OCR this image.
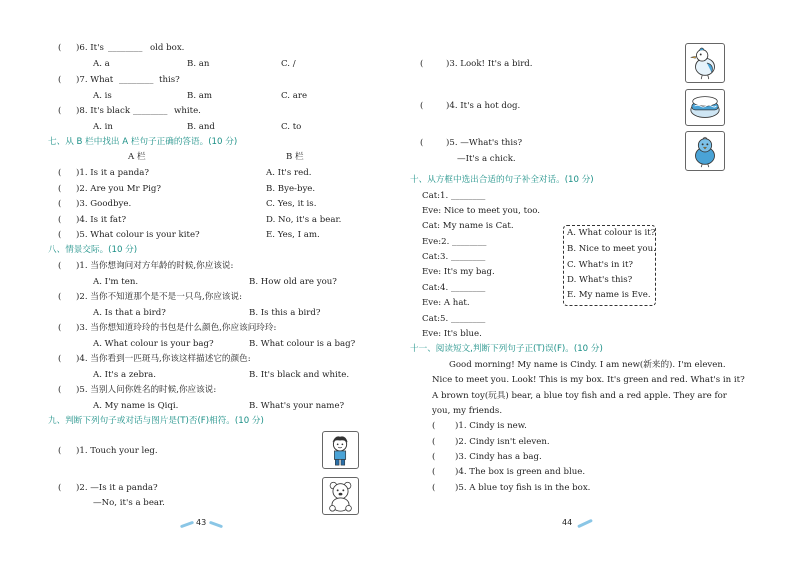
( )6. It's ________ old box.
A. a	B. an	C. /
( )7. What ________ this?
A. is	B. am	C. are
( )8. It's black ________ white.
A. in	B. and	C. to
七、从 B 栏中找出 A 栏句子正确的答语。(10 分)
A 栏	B 栏
( )1. Is it a panda?	A. It's red.
( )2. Are you Mr Pig?	B. Bye-bye.
( )3. Goodbye.	C. Yes, it is.
( )4. Is it fat?	D. No, it's a bear.
( )5. What colour is your kite?	E. Yes, I am.
八、情景交际。(10 分)
( )1. 当你想询问对方年龄的时候,你应该说:
A. I'm ten.	B. How old are you?
( )2. 当你不知道那个是不是一只鸟,你应该说:
A. Is that a bird?	B. Is this a bird?
( )3. 当你想知道玲玲的书包是什么颜色,你应该问玲玲:
A. What colour is your bag?	B. What colour is a bag?
( )4. 当你看到一匹斑马,你该这样描述它的颜色:
A. It's a zebra.	B. It's black and white.
( )5. 当别人问你姓名的时候,你应该说:
A. My name is Qiqi.	B. What's your name?
九、判断下列句子或对话与图片是(T)否(F)相符。(10 分)
( )1. Touch your leg.
( )2. —Is it a panda?
—No, it's a bear.
43
(	)3. Look! It's a bird.
(	)4. It's a hot dog.
(	)5. —What's this?
—It's a chick.
十、从方框中选出合适的句子补全对话。(10 分)
Cat:1. ________
Eve: Nice to meet you, too.
Cat: My name is Cat.
Eve:2. ________
Cat:3. ________
Eve: It's my bag.
Cat:4. ________
Eve: A hat.
Cat:5. ________
Eve: It's blue.
A. What colour is it?
B. Nice to meet you.
C. What's in it?
D. What's this?
E. My name is Eve.
十一、阅读短文,判断下列句子正(T)误(F)。(10 分)
Good morning! My name is Cindy. I am new(新来的). I'm eleven.
Nice to meet you. Look! This is my box. It's green and red. What's in it?
A brown toy(玩具) bear, a blue toy fish and a red apple. They are for
you, my friends.
( )1. Cindy is new.
( )2. Cindy isn't eleven.
( )3. Cindy has a bag.
( )4. The box is green and blue.
( )5. A blue toy fish is in the box.
44
